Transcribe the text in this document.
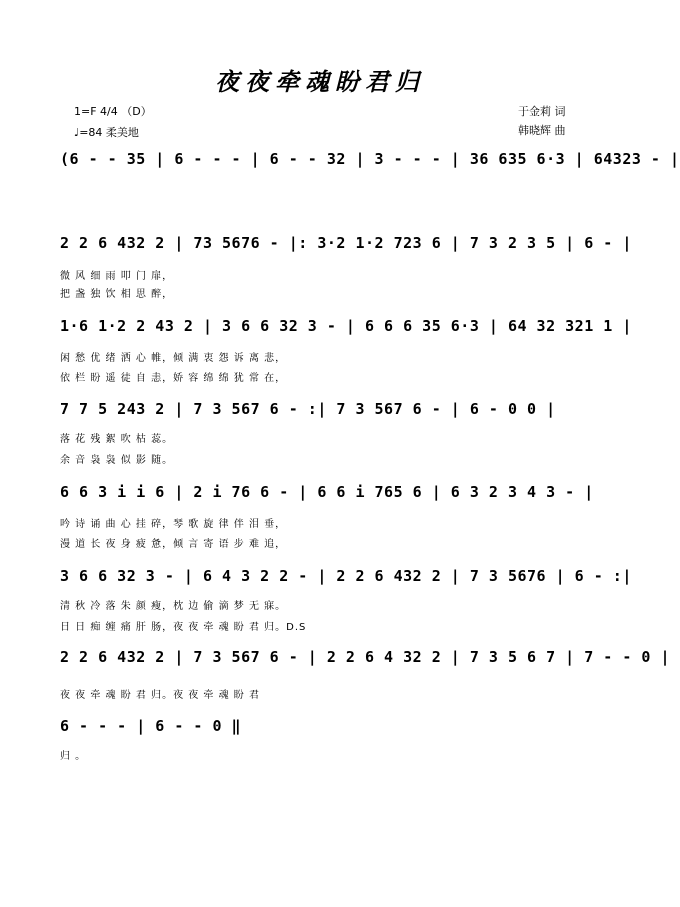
夜夜牵魂盼君归
1=F 4/4 （D）
♩=84 柔美地
于金莉 词
韩晓辉 曲
(6 - - 35 | 6 - - - | 6 - - 32 | 3 - - - | 36 635 6·3 | 64323 - |
2 2 6 432 2 | 73 5676 - |: 3·2 1·2 723 6 | 7 3 2 3 5 | 6 - |
微 风 细 雨 叩 门 扉，
把 盏 独 饮 相 思 醉，
1·6 1·2 2 43 2 | 3 6 6 32 3 - | 6 6 6 35 6·3 | 64 32 321 1 |
闲 愁 优 绪 洒 心 帷，倾 满 衷 怨 诉 离 悲，
依 栏 盼 遥 徒 自 恚，娇 容 绵 绵 犹 常 在，
7 7 5 243 2 | 7 3 567 6 - :| 7 3 567 6 - | 6 - 0 0 |
落 花 残 絮 吹 枯 蕊。
余 音 袅 袅 似 影 随。
6 6 3 i i 6 | 2 i 76 6 - | 6 6 i 765 6 | 6 3 2 3 4 3 - |
吟 诗 诵 曲 心 挂 碎，琴 歌 旋 律 伴 泪 垂，
漫 道 长 夜 身 疲 惫，倾 言 寄 语 步 难 追，
3 6 6 32 3 - | 6 4 3 2 2 - | 2 2 6 432 2 | 7 3 5676 | 6 - :|
清 秋 冷 落 朱 颜 瘦，枕 边 偷 滴 梦 无 寐。
日 日 痴 缠 痛 肝 肠，夜 夜 牵 魂 盼 君 归。D.S
2 2 6 432 2 | 7 3 567 6 - | 2 2 6 4 32 2 | 7 3 5 6 7 | 7 - - 0 |
夜 夜 牵 魂 盼 君 归。夜 夜 牵 魂 盼 君
6 - - - | 6 - - 0 ‖
归 。
